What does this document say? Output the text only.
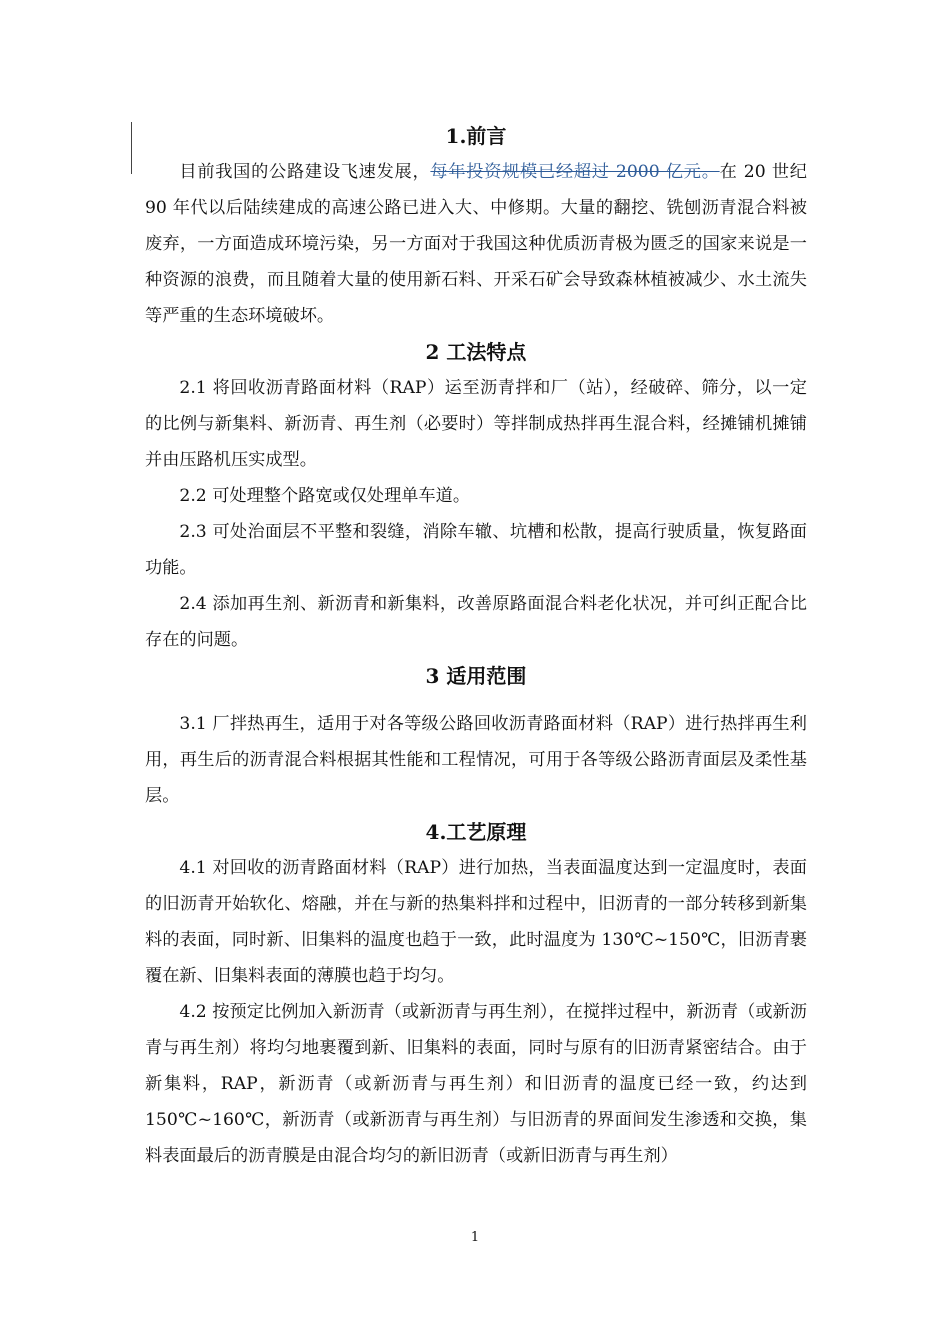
1.前言

目前我国的公路建设飞速发展，每年投资规模已经超过 2000 亿元。在 20 世纪 90 年代以后陆续建成的高速公路已进入大、中修期。大量的翻挖、铣刨沥青混合料被废弃，一方面造成环境污染，另一方面对于我国这种优质沥青极为匮乏的国家来说是一种资源的浪费，而且随着大量的使用新石料、开采石矿会导致森林植被减少、水土流失等严重的生态环境破坏。

2 工法特点

2.1 将回收沥青路面材料（RAP）运至沥青拌和厂（站），经破碎、筛分，以一定的比例与新集料、新沥青、再生剂（必要时）等拌制成热拌再生混合料，经摊铺机摊铺并由压路机压实成型。

2.2 可处理整个路宽或仅处理单车道。

2.3 可处治面层不平整和裂缝，消除车辙、坑槽和松散，提高行驶质量，恢复路面功能。

2.4 添加再生剂、新沥青和新集料，改善原路面混合料老化状况，并可纠正配合比存在的问题。

3 适用范围

3.1 厂拌热再生，适用于对各等级公路回收沥青路面材料（RAP）进行热拌再生利用，再生后的沥青混合料根据其性能和工程情况，可用于各等级公路沥青面层及柔性基层。

4.工艺原理

4.1 对回收的沥青路面材料（RAP）进行加热，当表面温度达到一定温度时，表面的旧沥青开始软化、熔融，并在与新的热集料拌和过程中，旧沥青的一部分转移到新集料的表面，同时新、旧集料的温度也趋于一致，此时温度为 130℃~150℃，旧沥青裹覆在新、旧集料表面的薄膜也趋于均匀。

4.2 按预定比例加入新沥青（或新沥青与再生剂），在搅拌过程中，新沥青（或新沥青与再生剂）将均匀地裹覆到新、旧集料的表面，同时与原有的旧沥青紧密结合。由于新集料，RAP，新沥青（或新沥青与再生剂）和旧沥青的温度已经一致，约达到 150℃~160℃，新沥青（或新沥青与再生剂）与旧沥青的界面间发生渗透和交换，集料表面最后的沥青膜是由混合均匀的新旧沥青（或新旧沥青与再生剂）

1
